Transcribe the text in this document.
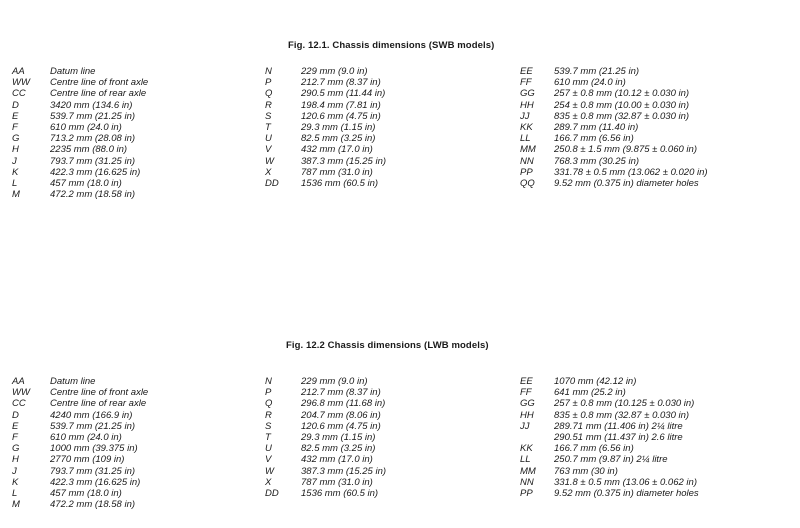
Fig. 12.1. Chassis dimensions (SWB models)
AA	Datum line
WW Centre line of front axle
CC	Centre line of rear axle
D	3420 mm (134.6 in)
E	539.7 mm (21.25 in)
F	610 mm (24.0 in)
G	713.2 mm (28.08 in)
H	2235 mm (88.0 in)
J	793.7 mm (31.25 in)
K	422.3 mm (16.625 in)
L	457 mm (18.0 in)
M	472.2 mm (18.58 in)
N	229 mm (9.0 in)
P	212.7 mm (8.37 in)
Q	290.5 mm (11.44 in)
R	198.4 mm (7.81 in)
S	120.6 mm (4.75 in)
T	29.3 mm (1.15 in)
U	82.5 mm (3.25 in)
V	432 mm (17.0 in)
W	387.3 mm (15.25 in)
X	787 mm (31.0 in)
DD 1536 mm (60.5 in)
EE 539.7 mm (21.25 in)
FF 610 mm (24.0 in)
GG 257 ± 0.8 mm (10.12 ± 0.030 in)
HH 254 ± 0.8 mm (10.00 ± 0.030 in)
JJ	835 ± 0.8 mm (32.87 ± 0.030 in)
KK 289.7 mm (11.40 in)
LL 166.7 mm (6.56 in)
MM 250.8 ± 1.5 mm (9.875 ± 0.060 in)
NN 768.3 mm (30.25 in)
PP 331.78 ± 0.5 mm (13.062 ± 0.020 in)
QQ 9.52 mm (0.375 in) diameter holes
Fig. 12.2 Chassis dimensions (LWB models)
AA	Datum line
WW Centre line of front axle
CC	Centre line of rear axle
D	4240 mm (166.9 in)
E	539.7 mm (21.25 in)
F	610 mm (24.0 in)
G	1000 mm (39.375 in)
H	2770 mm (109 in)
J	793.7 mm (31.25 in)
K	422.3 mm (16.625 in)
L	457 mm (18.0 in)
M	472.2 mm (18.58 in)
N	229 mm (9.0 in)
P	212.7 mm (8.37 in)
Q	296.8 mm (11.68 in)
R	204.7 mm (8.06 in)
S	120.6 mm (4.75 in)
T	29.3 mm (1.15 in)
U	82.5 mm (3.25 in)
V	432 mm (17.0 in)
W	387.3 mm (15.25 in)
X	787 mm (31.0 in)
DD 1536 mm (60.5 in)
EE 1070 mm (42.12 in)
FF 641 mm (25.2 in)
GG 257 ± 0.8 mm (10.125 ± 0.030 in)
HH 835 ± 0.8 mm (32.87 ± 0.030 in)
JJ	289.71 mm (11.406 in) 2¼ litre
290.51 mm (11.437 in) 2.6 litre
KK 166.7 mm (6.56 in)
LL 250.7 mm (9.87 in) 2¼ litre
MM 763 mm (30 in)
NN 331.8 ± 0.5 mm (13.06 ± 0.062 in)
PP 9.52 mm (0.375 in) diameter holes
